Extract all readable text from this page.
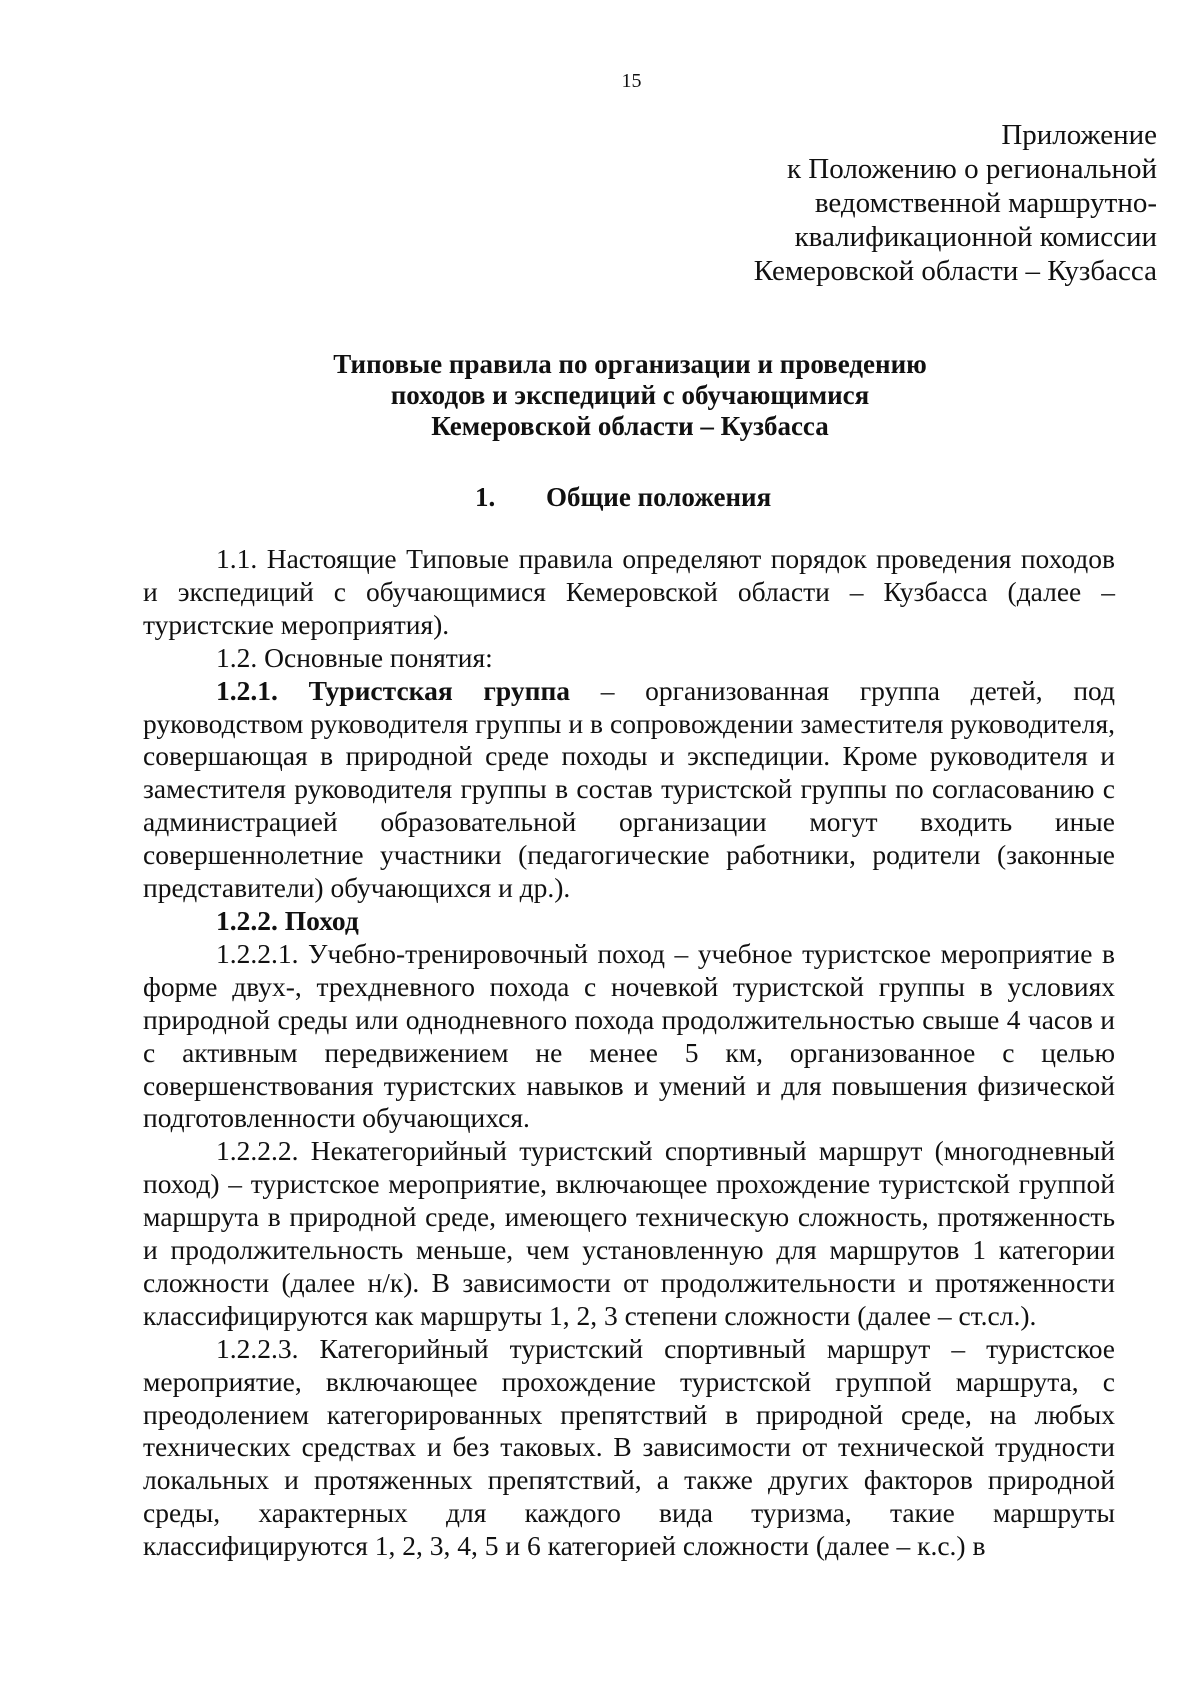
15
Приложение
к Положению о региональной
ведомственной маршрутно-
квалификационной комиссии
Кемеровской области – Кузбасса
Типовые правила по организации и проведению
походов и экспедиций с обучающимися
Кемеровской области – Кузбасса
1. Общие положения

1.1. Настоящие Типовые правила определяют порядок проведения походов и экспедиций с обучающимися Кемеровской области – Кузбасса (далее – туристские мероприятия).

1.2. Основные понятия:

1.2.1. Туристская группа – организованная группа детей, под руководством руководителя группы и в сопровождении заместителя руководителя, совершающая в природной среде походы и экспедиции. Кроме руководителя и заместителя руководителя группы в состав туристской группы по согласованию с администрацией образовательной организации могут входить иные совершеннолетние участники (педагогические работники, родители (законные представители) обучающихся и др.).

1.2.2. Поход

1.2.2.1. Учебно-тренировочный поход – учебное туристское мероприятие в форме двух-, трехдневного похода с ночевкой туристской группы в условиях природной среды или однодневного похода продолжительностью свыше 4 часов и с активным передвижением не менее 5 км, организованное с целью совершенствования туристских навыков и умений и для повышения физической подготовленности обучающихся.

1.2.2.2. Некатегорийный туристский спортивный маршрут (многодневный поход) – туристское мероприятие, включающее прохождение туристской группой маршрута в природной среде, имеющего техническую сложность, протяженность и продолжительность меньше, чем установленную для маршрутов 1 категории сложности (далее н/к). В зависимости от продолжительности и протяженности классифицируются как маршруты 1, 2, 3 степени сложности (далее – ст.сл.).

1.2.2.3. Категорийный туристский спортивный маршрут – туристское мероприятие, включающее прохождение туристской группой маршрута, с преодолением категорированных препятствий в природной среде, на любых технических средствах и без таковых. В зависимости от технической трудности локальных и протяженных препятствий, а также других факторов природной среды, характерных для каждого вида туризма, такие маршруты классифицируются 1, 2, 3, 4, 5 и 6 категорией сложности (далее – к.с.) в
